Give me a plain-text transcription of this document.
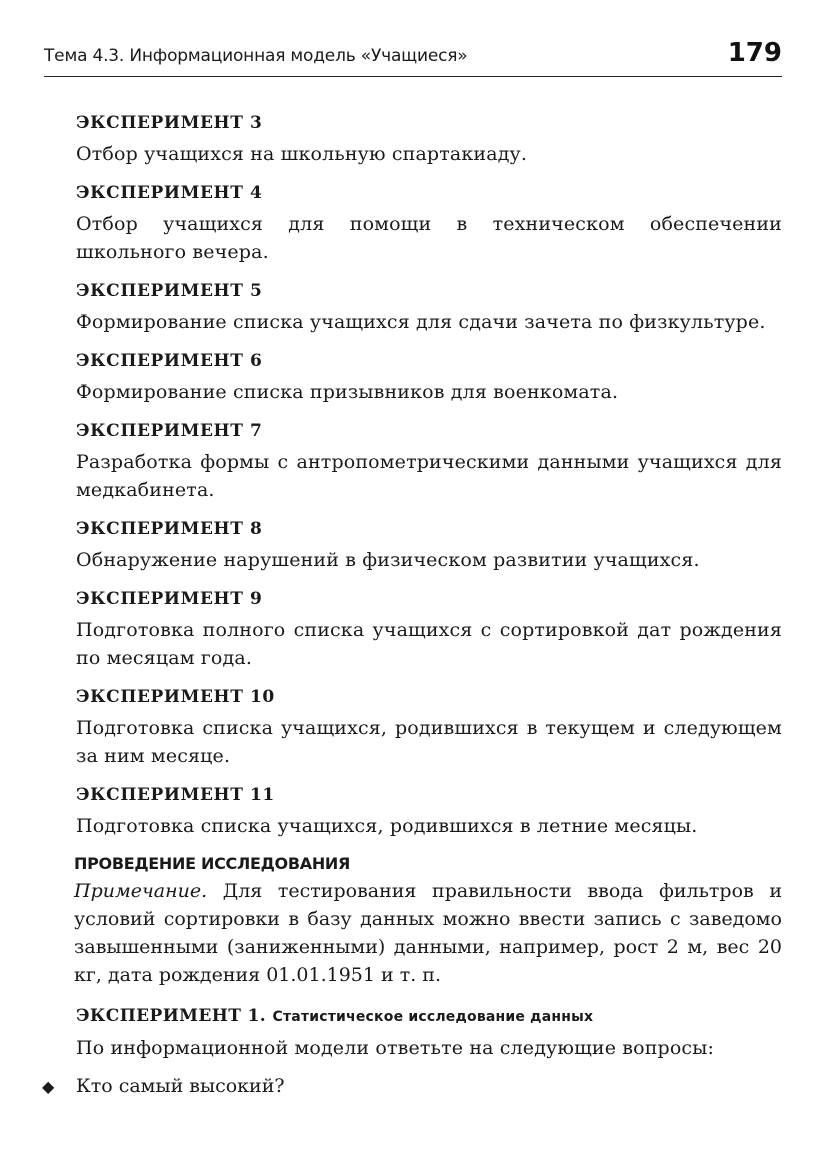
Тема 4.3. Информационная модель «Учащиеся»	179

ЭКСПЕРИМЕНТ 3

Отбор учащихся на школьную спартакиаду.

ЭКСПЕРИМЕНТ 4

Отбор учащихся для помощи в техническом обеспечении школьного вечера.

ЭКСПЕРИМЕНТ 5

Формирование списка учащихся для сдачи зачета по физкультуре.

ЭКСПЕРИМЕНТ 6

Формирование списка призывников для военкомата.

ЭКСПЕРИМЕНТ 7

Разработка формы с антропометрическими данными учащихся для медкабинета.

ЭКСПЕРИМЕНТ 8

Обнаружение нарушений в физическом развитии учащихся.

ЭКСПЕРИМЕНТ 9

Подготовка полного списка учащихся с сортировкой дат рождения по месяцам года.

ЭКСПЕРИМЕНТ 10

Подготовка списка учащихся, родившихся в текущем и следующем за ним месяце.

ЭКСПЕРИМЕНТ 11

Подготовка списка учащихся, родившихся в летние месяцы.

ПРОВЕДЕНИЕ ИССЛЕДОВАНИЯ

Примечание. Для тестирования правильности ввода фильтров и условий сортировки в базу данных можно ввести запись с заведомо завышенными (заниженными) данными, например, рост 2 м, вес 20 кг, дата рождения 01.01.1951 и т. п.

ЭКСПЕРИМЕНТ 1. Статистическое исследование данных

По информационной модели ответьте на следующие вопросы:

◆ Кто самый высокий?
